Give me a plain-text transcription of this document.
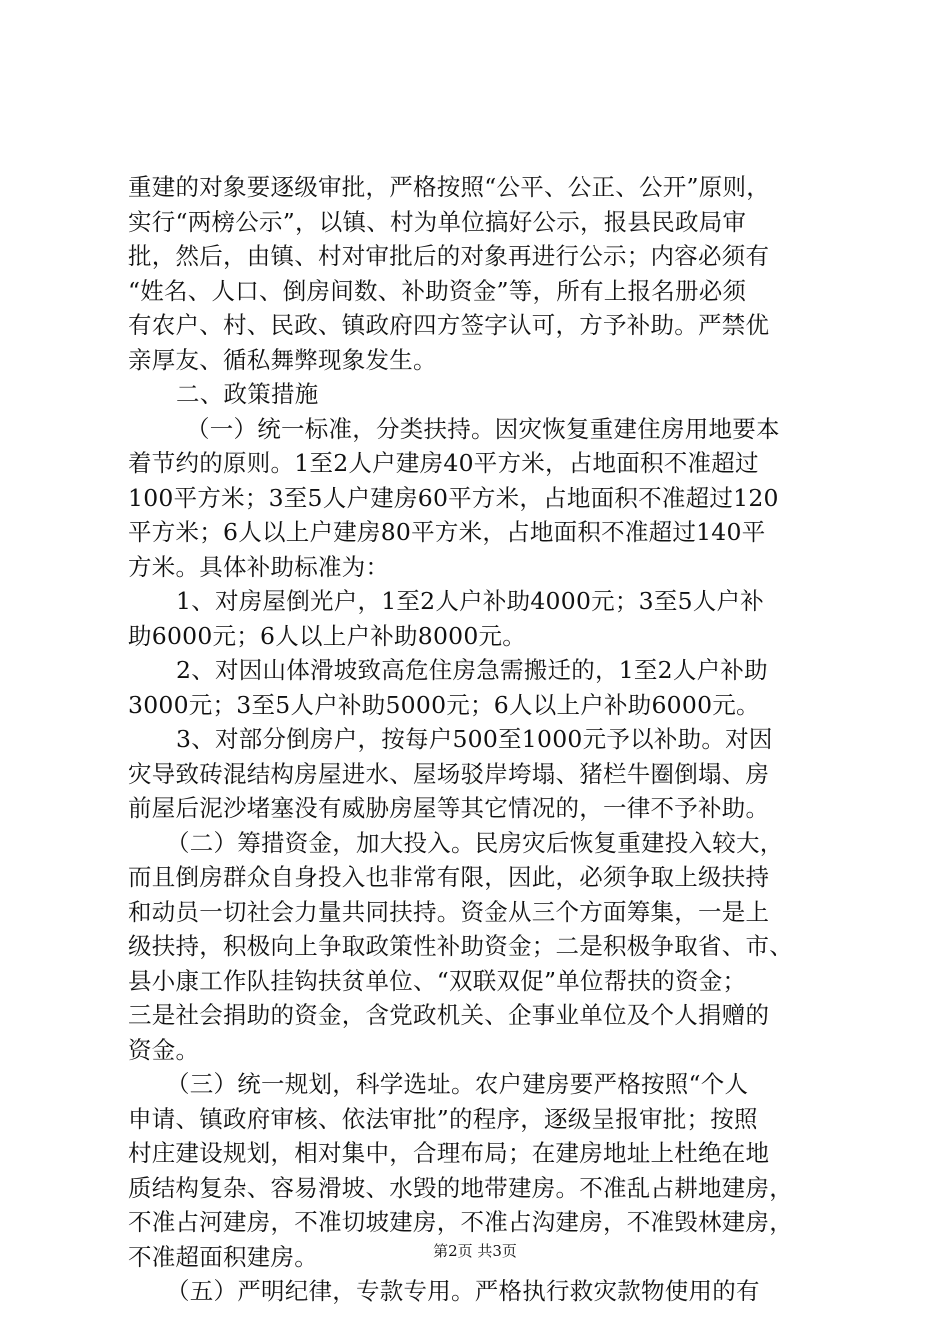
重建的对象要逐级审批，严格按照“公平、公正、公开”原则，
实行“两榜公示”，以镇、村为单位搞好公示，报县民政局审
批，然后，由镇、村对审批后的对象再进行公示；内容必须有
“姓名、人口、倒房间数、补助资金”等，所有上报名册必须
有农户、村、民政、镇政府四方签字认可，方予补助。严禁优
亲厚友、循私舞弊现象发生。
二、政策措施
（一）统一标准，分类扶持。因灾恢复重建住房用地要本
着节约的原则。1至2人户建房40平方米，占地面积不准超过
100平方米；3至5人户建房60平方米，占地面积不准超过120
平方米；6人以上户建房80平方米，占地面积不准超过140平
方米。具体补助标准为：
1、对房屋倒光户，1至2人户补助4000元；3至5人户补
助6000元；6人以上户补助8000元。
2、对因山体滑坡致高危住房急需搬迁的，1至2人户补助
3000元；3至5人户补助5000元；6人以上户补助6000元。
3、对部分倒房户，按每户500至1000元予以补助。对因
灾导致砖混结构房屋进水、屋场驳岸垮塌、猪栏牛圈倒塌、房
前屋后泥沙堵塞没有威胁房屋等其它情况的，一律不予补助。
（二）筹措资金，加大投入。民房灾后恢复重建投入较大，
而且倒房群众自身投入也非常有限，因此，必须争取上级扶持
和动员一切社会力量共同扶持。资金从三个方面筹集，一是上
级扶持，积极向上争取政策性补助资金；二是积极争取省、市、
县小康工作队挂钩扶贫单位、“双联双促”单位帮扶的资金；
三是社会捐助的资金，含党政机关、企事业单位及个人捐赠的
资金。
（三）统一规划，科学选址。农户建房要严格按照“个人
申请、镇政府审核、依法审批”的程序，逐级呈报审批；按照
村庄建设规划，相对集中，合理布局；在建房地址上杜绝在地
质结构复杂、容易滑坡、水毁的地带建房。不准乱占耕地建房，
不准占河建房，不准切坡建房，不准占沟建房，不准毁林建房，
不准超面积建房。
（五）严明纪律，专款专用。严格执行救灾款物使用的有
第2页 共3页
